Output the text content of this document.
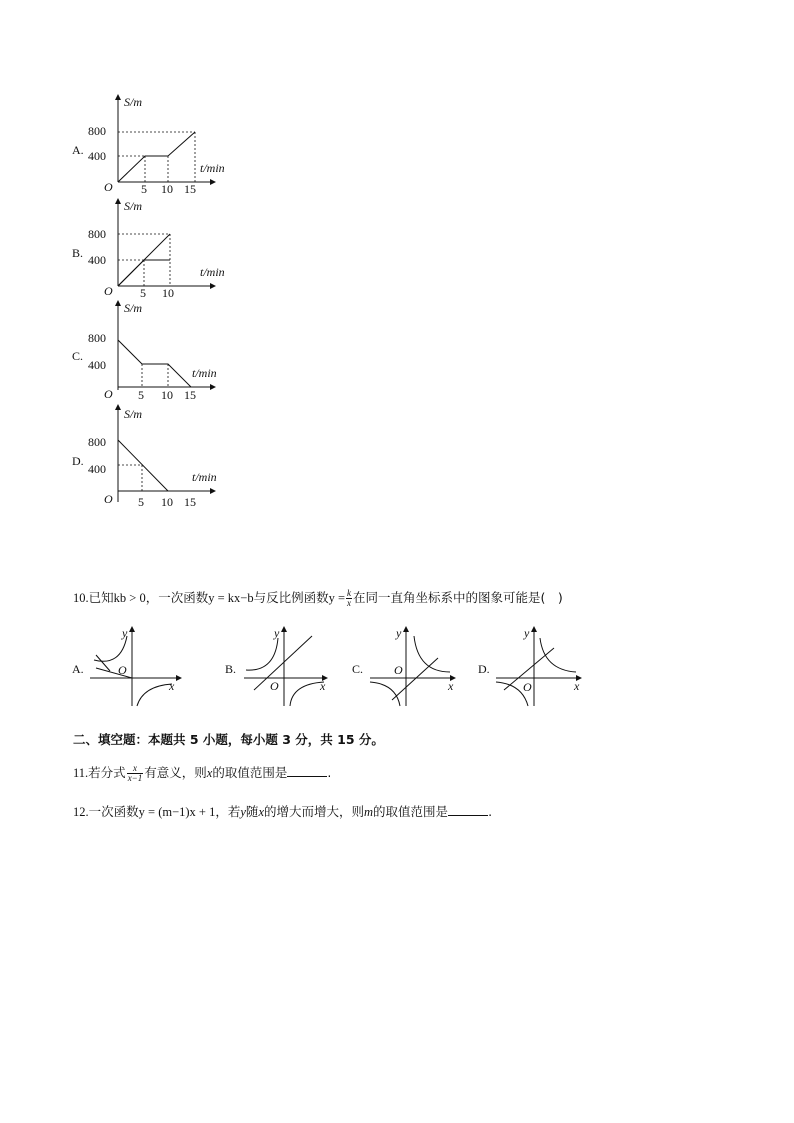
A.
S/m
t/min
O
800
400
5 10 15
B.
S/m
t/min
O
800
400
5 10
C.
S/m
t/min
O
800
400
5 10 15
D.
S/m
t/min
O
800
400
5 10 15
10.已知kb > 0，一次函数y = kx−b与反比例函数$y = \frac{k}{x}$ 在同一直角坐标系中的图象可能是(　)
A.
y
O
x
B.
y
O	x
C.
y
O
x
D.
y
O	x
二、填空题：本题共 5 小题，每小题 3 分，共 15 分。
11.若分式 $\frac{x}{x-1}$ 有意义，则x的取值范围是	.
12.一次函数y = (m−1)x + 1，若y随x的增大而增大，则m的取值范围是	.
